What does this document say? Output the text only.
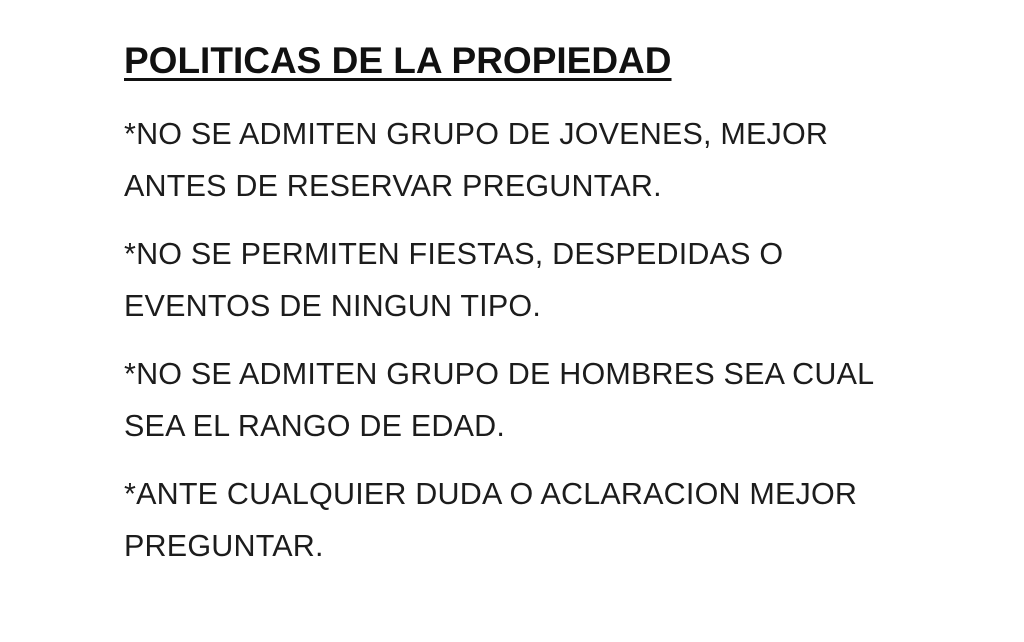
POLITICAS DE LA PROPIEDAD
*NO SE ADMITEN GRUPO DE JOVENES, MEJOR
ANTES DE RESERVAR PREGUNTAR.
*NO SE PERMITEN FIESTAS, DESPEDIDAS O
EVENTOS DE NINGUN TIPO.
*NO SE ADMITEN GRUPO DE HOMBRES SEA CUAL
SEA EL RANGO DE EDAD.
*ANTE CUALQUIER DUDA O ACLARACION MEJOR
PREGUNTAR.
